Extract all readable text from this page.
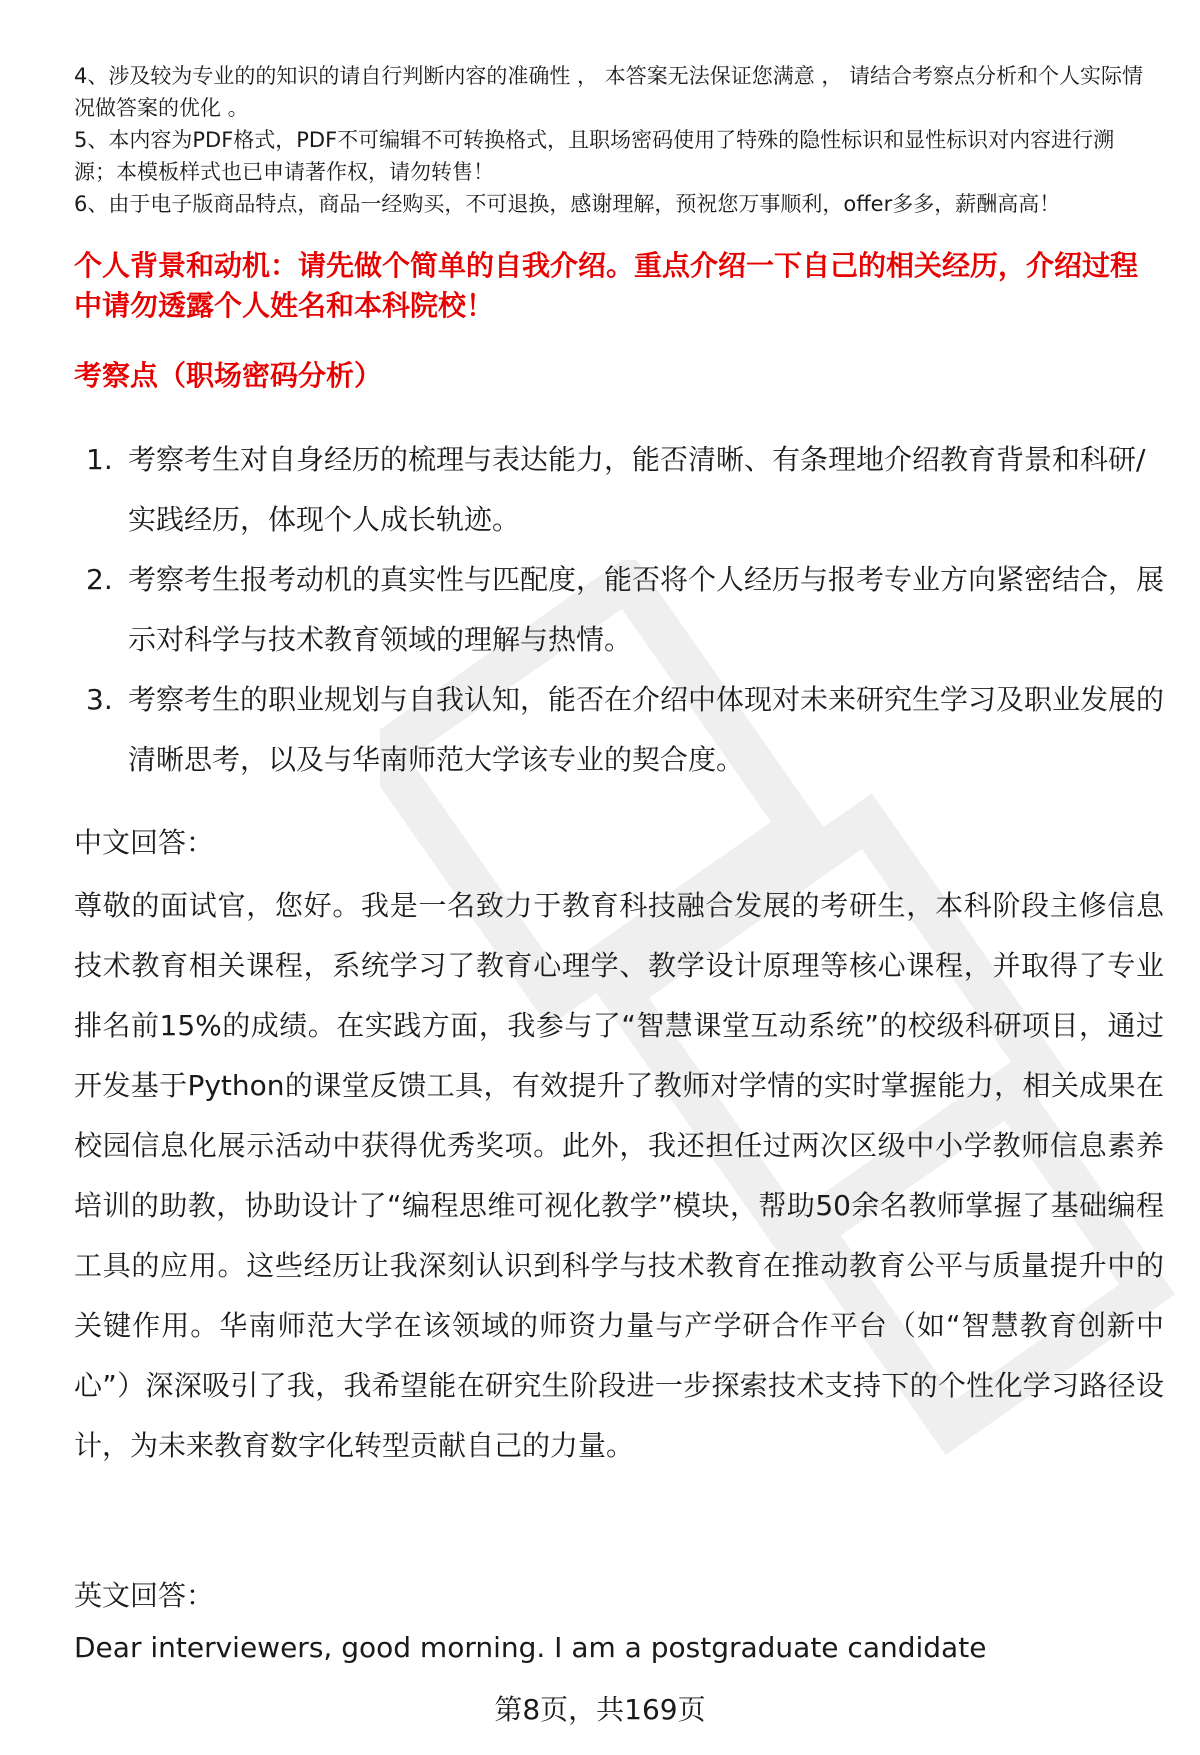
4、涉及较为专业的的知识的请自行判断内容的准确性 ， 本答案无法保证您满意 ， 请结合考察点分析和个人实际情况做答案的优化 。

5、本内容为PDF格式，PDF不可编辑不可转换格式，且职场密码使用了特殊的隐性标识和显性标识对内容进行溯源；本模板样式也已申请著作权，请勿转售！

6、由于电子版商品特点，商品一经购买，不可退换，感谢理解，预祝您万事顺利，offer多多，薪酬高高！

个人背景和动机：请先做个简单的自我介绍。重点介绍一下自己的相关经历，介绍过程中请勿透露个人姓名和本科院校！

考察点（职场密码分析）

1. 考察考生对自身经历的梳理与表达能力，能否清晰、有条理地介绍教育背景和科研/实践经历，体现个人成长轨迹。
2. 考察考生报考动机的真实性与匹配度，能否将个人经历与报考专业方向紧密结合，展示对科学与技术教育领域的理解与热情。
3. 考察考生的职业规划与自我认知，能否在介绍中体现对未来研究生学习及职业发展的清晰思考，以及与华南师范大学该专业的契合度。

中文回答：

尊敬的面试官，您好。我是一名致力于教育科技融合发展的考研生，本科阶段主修信息技术教育相关课程，系统学习了教育心理学、教学设计原理等核心课程，并取得了专业排名前15%的成绩。在实践方面，我参与了“智慧课堂互动系统”的校级科研项目，通过开发基于Python的课堂反馈工具，有效提升了教师对学情的实时掌握能力，相关成果在校园信息化展示活动中获得优秀奖项。此外，我还担任过两次区级中小学教师信息素养培训的助教，协助设计了“编程思维可视化教学”模块，帮助50余名教师掌握了基础编程工具的应用。这些经历让我深刻认识到科学与技术教育在推动教育公平与质量提升中的关键作用。华南师范大学在该领域的师资力量与产学研合作平台（如“智慧教育创新中心”）深深吸引了我，我希望能在研究生阶段进一步探索技术支持下的个性化学习路径设计，为未来教育数字化转型贡献自己的力量。

英文回答：

Dear interviewers, good morning. I am a postgraduate candidate

第8页，共169页
